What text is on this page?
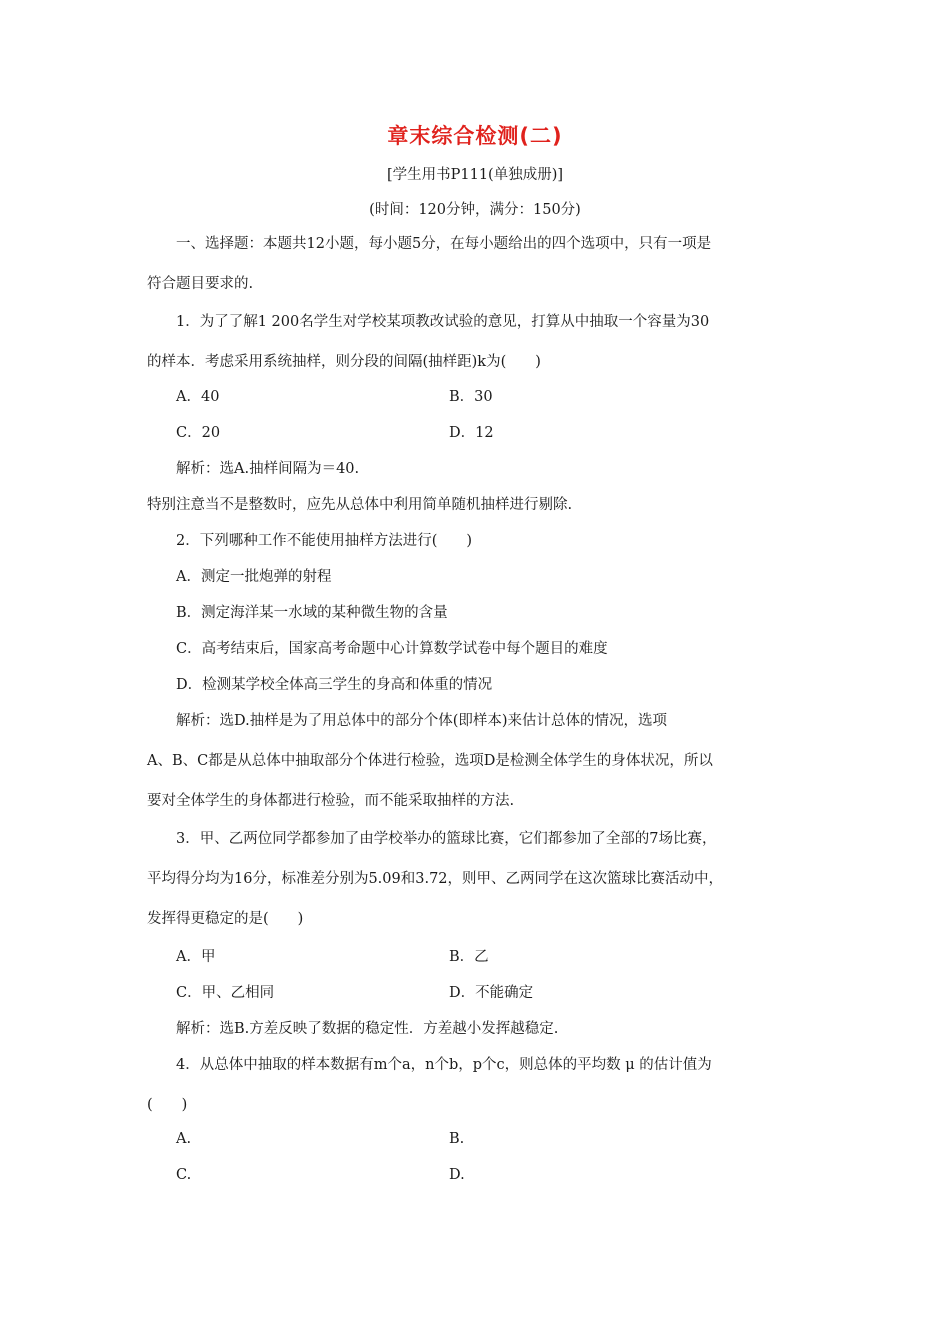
章末综合检测(二)
[学生用书P111(单独成册)]
(时间：120分钟，满分：150分)
一、选择题：本题共12小题，每小题5分，在每小题给出的四个选项中，只有一项是
符合题目要求的.
1．为了了解1 200名学生对学校某项教改试验的意见，打算从中抽取一个容量为30
的样本．考虑采用系统抽样，则分段的间隔(抽样距)k为(　　)
A．40	B．30
C．20	D．12
解析：选A.抽样间隔为＝40.
特别注意当不是整数时，应先从总体中利用简单随机抽样进行剔除.
2．下列哪种工作不能使用抽样方法进行(　　)
A．测定一批炮弹的射程
B．测定海洋某一水域的某种微生物的含量
C．高考结束后，国家高考命题中心计算数学试卷中每个题目的难度
D．检测某学校全体高三学生的身高和体重的情况
解析：选D.抽样是为了用总体中的部分个体(即样本)来估计总体的情况，选项
A、B、C都是从总体中抽取部分个体进行检验，选项D是检测全体学生的身体状况，所以
要对全体学生的身体都进行检验，而不能采取抽样的方法.
3．甲、乙两位同学都参加了由学校举办的篮球比赛，它们都参加了全部的7场比赛，
平均得分均为16分，标准差分别为5.09和3.72，则甲、乙两同学在这次篮球比赛活动中，
发挥得更稳定的是(　　)
A．甲	B．乙
C．甲、乙相同	D．不能确定
解析：选B.方差反映了数据的稳定性．方差越小发挥越稳定.
4．从总体中抽取的样本数据有m个a，n个b，p个c，则总体的平均数 μ 的估计值为
(　　)
A.	B.
C.	D.
